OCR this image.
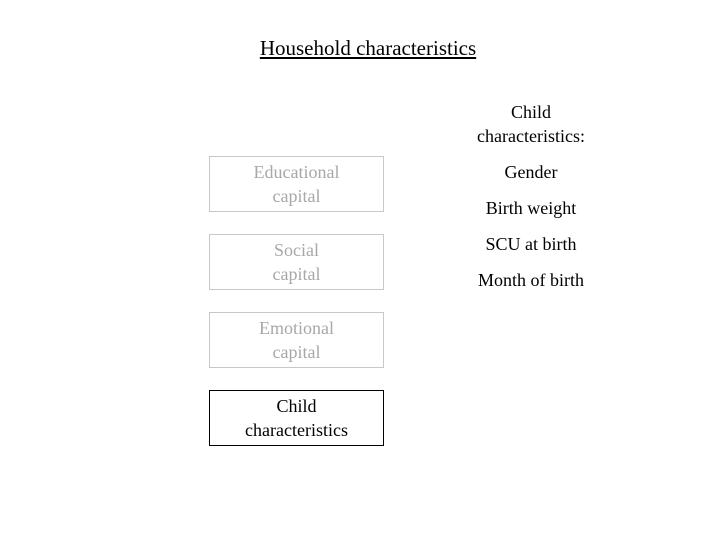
Household characteristics
Educational
capital
Social
capital
Emotional
capital
Child
characteristics
Child
characteristics:
Gender
Birth weight
SCU at birth
Month of birth
